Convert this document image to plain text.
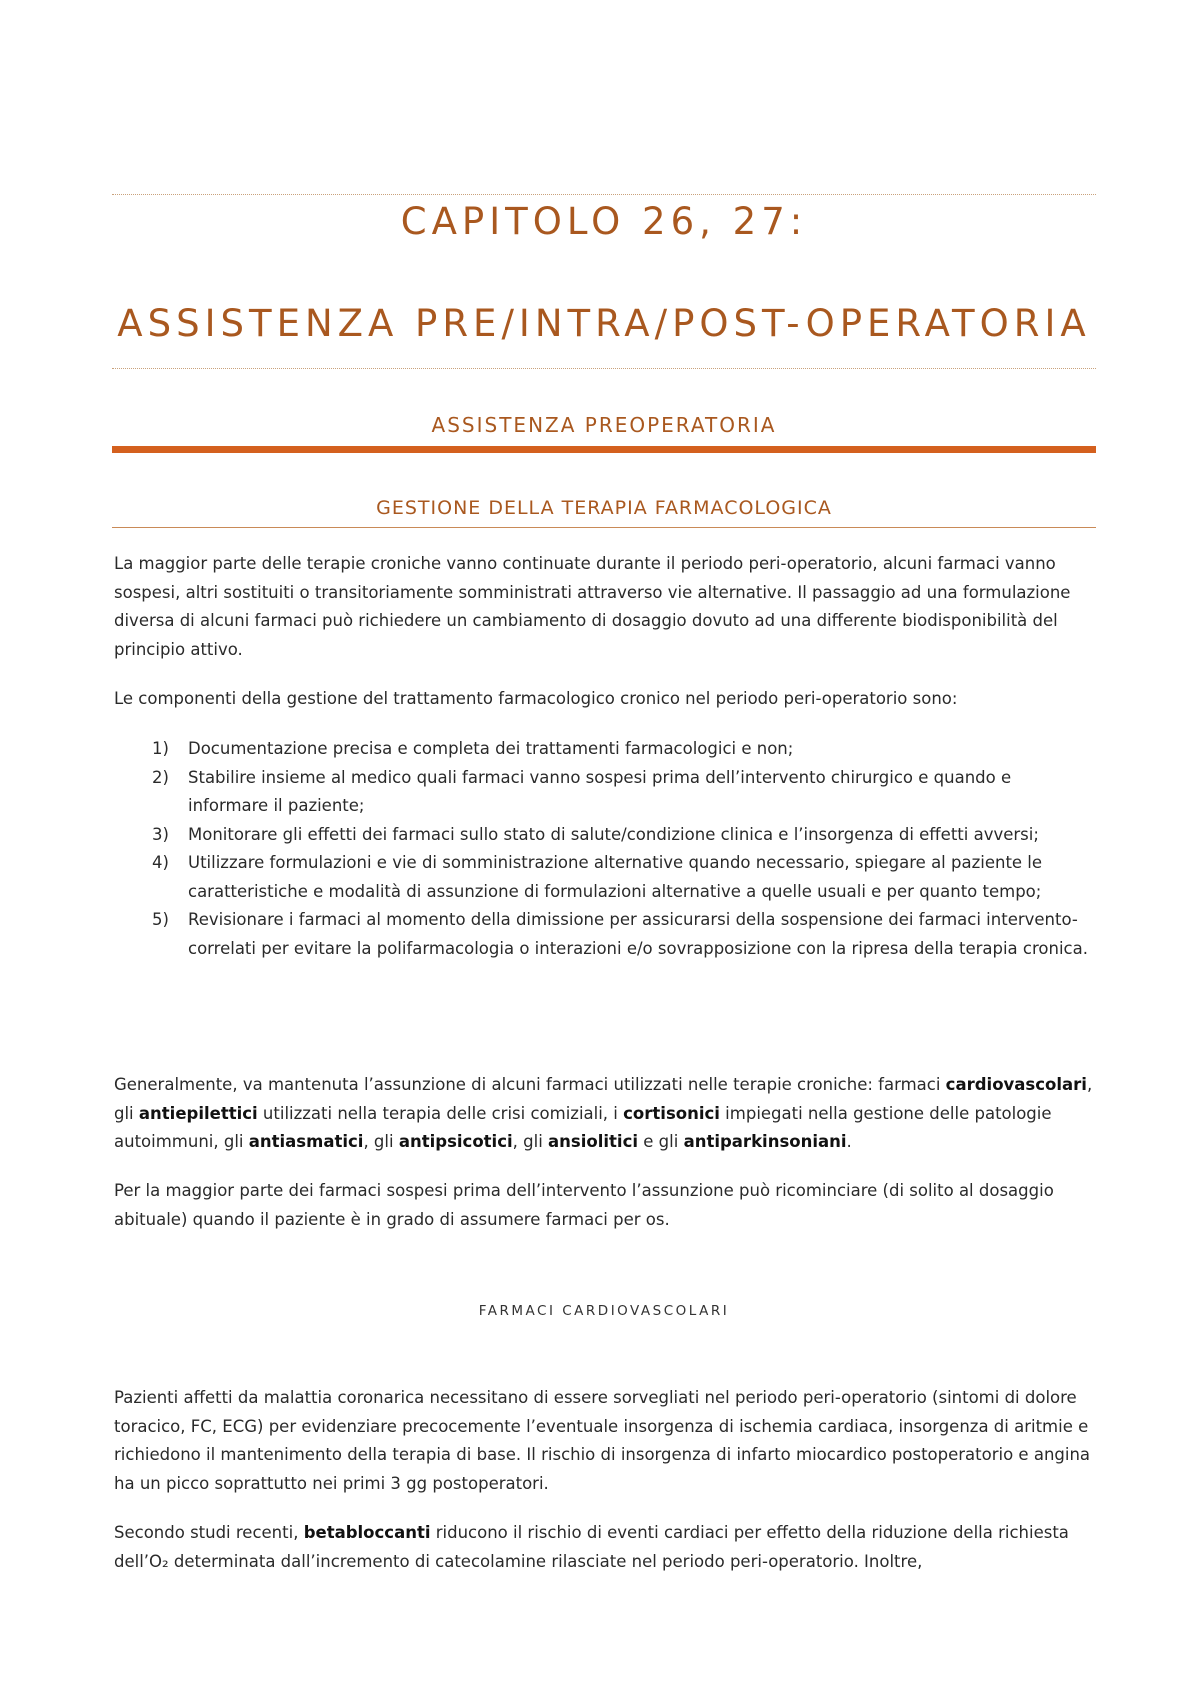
CAPITOLO 26, 27:
ASSISTENZA PRE/INTRA/POST-OPERATORIA
ASSISTENZA PREOPERATORIA
GESTIONE DELLA TERAPIA FARMACOLOGICA

La maggior parte delle terapie croniche vanno continuate durante il periodo peri-operatorio, alcuni farmaci vanno sospesi, altri sostituiti o transitoriamente somministrati attraverso vie alternative. Il passaggio ad una formulazione diversa di alcuni farmaci può richiedere un cambiamento di dosaggio dovuto ad una differente biodisponibilità del principio attivo.

Le componenti della gestione del trattamento farmacologico cronico nel periodo peri-operatorio sono:

1) Documentazione precisa e completa dei trattamenti farmacologici e non;
2) Stabilire insieme al medico quali farmaci vanno sospesi prima dell’intervento chirurgico e quando e informare il paziente;
3) Monitorare gli effetti dei farmaci sullo stato di salute/condizione clinica e l’insorgenza di effetti avversi;
4) Utilizzare formulazioni e vie di somministrazione alternative quando necessario, spiegare al paziente le caratteristiche e modalità di assunzione di formulazioni alternative a quelle usuali e per quanto tempo;
5) Revisionare i farmaci al momento della dimissione per assicurarsi della sospensione dei farmaci intervento-correlati per evitare la polifarmacologia o interazioni e/o sovrapposizione con la ripresa della terapia cronica.

Generalmente, va mantenuta l’assunzione di alcuni farmaci utilizzati nelle terapie croniche: farmaci cardiovascolari, gli antiepilettici utilizzati nella terapia delle crisi comiziali, i cortisonici impiegati nella gestione delle patologie autoimmuni, gli antiasmatici, gli antipsicotici, gli ansiolitici e gli antiparkinsoniani.

Per la maggior parte dei farmaci sospesi prima dell’intervento l’assunzione può ricominciare (di solito al dosaggio abituale) quando il paziente è in grado di assumere farmaci per os.

FARMACI CARDIOVASCOLARI

Pazienti affetti da malattia coronarica necessitano di essere sorvegliati nel periodo peri-operatorio (sintomi di dolore toracico, FC, ECG) per evidenziare precocemente l’eventuale insorgenza di ischemia cardiaca, insorgenza di aritmie e richiedono il mantenimento della terapia di base. Il rischio di insorgenza di infarto miocardico postoperatorio e angina ha un picco soprattutto nei primi 3 gg postoperatori.

Secondo studi recenti, betabloccanti riducono il rischio di eventi cardiaci per effetto della riduzione della richiesta dell’O₂ determinata dall’incremento di catecolamine rilasciate nel periodo peri-operatorio. Inoltre,
